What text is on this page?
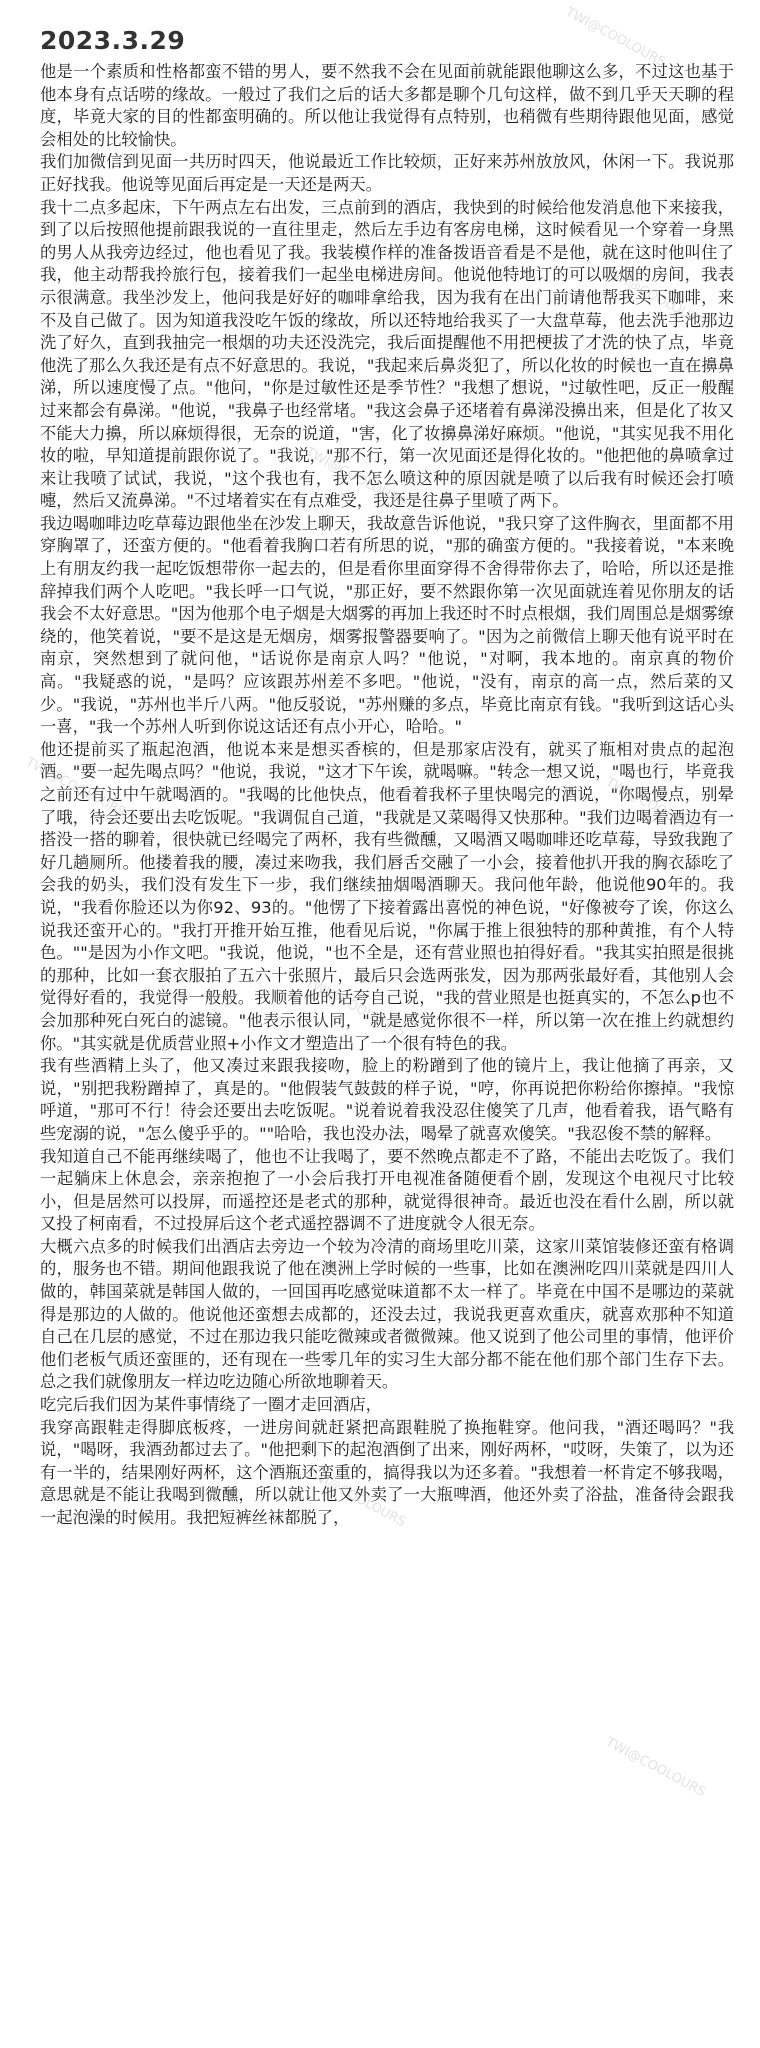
2023.3.29

他是一个素质和性格都蛮不错的男人，要不然我不会在见面前就能跟他聊这么多，不过这也基于他本身有点话唠的缘故。一般过了我们之后的话大多都是聊个几句这样，做不到几乎天天聊的程度，毕竟大家的目的性都蛮明确的。所以他让我觉得有点特别，也稍微有些期待跟他见面，感觉会相处的比较愉快。

我们加微信到见面一共历时四天，他说最近工作比较烦，正好来苏州放放风，休闲一下。我说那正好找我。他说等见面后再定是一天还是两天。

我十二点多起床，下午两点左右出发，三点前到的酒店，我快到的时候给他发消息他下来接我，到了以后按照他提前跟我说的一直往里走，然后左手边有客房电梯，这时候看见一个穿着一身黑的男人从我旁边经过，他也看见了我。我装模作样的准备拨语音看是不是他，就在这时他叫住了我，他主动帮我拎旅行包，接着我们一起坐电梯进房间。他说他特地订的可以吸烟的房间，我表示很满意。我坐沙发上，他问我是好好的咖啡拿给我，因为我有在出门前请他帮我买下咖啡，来不及自己做了。因为知道我没吃午饭的缘故，所以还特地给我买了一大盘草莓，他去洗手池那边洗了好久，直到我抽完一根烟的功夫还没洗完，我后面提醒他不用把梗拔了才洗的快了点，毕竟他洗了那么久我还是有点不好意思的。我说，"我起来后鼻炎犯了，所以化妆的时候也一直在擤鼻涕，所以速度慢了点。"他问，"你是过敏性还是季节性？"我想了想说，"过敏性吧，反正一般醒过来都会有鼻涕。"他说，"我鼻子也经常堵。"我这会鼻子还堵着有鼻涕没擤出来，但是化了妆又不能大力擤，所以麻烦得很，无奈的说道，"害，化了妆擤鼻涕好麻烦。"他说，"其实见我不用化妆的啦，早知道提前跟你说了。"我说，"那不行，第一次见面还是得化妆的。"他把他的鼻喷拿过来让我喷了试试，我说，"这个我也有，我不怎么喷这种的原因就是喷了以后我有时候还会打喷嚏，然后又流鼻涕。"不过堵着实在有点难受，我还是往鼻子里喷了两下。

我边喝咖啡边吃草莓边跟他坐在沙发上聊天，我故意告诉他说，"我只穿了这件胸衣，里面都不用穿胸罩了，还蛮方便的。"他看着我胸口若有所思的说，"那的确蛮方便的。"我接着说，"本来晚上有朋友约我一起吃饭想带你一起去的，但是看你里面穿得不舍得带你去了，哈哈，所以还是推辞掉我们两个人吃吧。"我长呼一口气说，"那正好，要不然跟你第一次见面就连着见你朋友的话我会不太好意思。"因为他那个电子烟是大烟雾的再加上我还时不时点根烟，我们周围总是烟雾缭绕的，他笑着说，"要不是这是无烟房，烟雾报警器要响了。"因为之前微信上聊天他有说平时在南京，突然想到了就问他，"话说你是南京人吗？"他说，"对啊，我本地的。南京真的物价高。"我疑惑的说，"是吗？应该跟苏州差不多吧。"他说，"没有，南京的高一点，然后菜的又少。"我说，"苏州也半斤八两。"他反驳说，"苏州赚的多点，毕竟比南京有钱。"我听到这话心头一喜，"我一个苏州人听到你说这话还有点小开心，哈哈。"

他还提前买了瓶起泡酒，他说本来是想买香槟的，但是那家店没有，就买了瓶相对贵点的起泡酒。"要一起先喝点吗？"他说，我说，"这才下午诶，就喝嘛。"转念一想又说，"喝也行，毕竟我之前还有过中午就喝酒的。"我喝的比他快点，他看着我杯子里快喝完的酒说，"你喝慢点，别晕了哦，待会还要出去吃饭呢。"我调侃自己道，"我就是又菜喝得又快那种。"我们边喝着酒边有一搭没一搭的聊着，很快就已经喝完了两杯，我有些微醺，又喝酒又喝咖啡还吃草莓，导致我跑了好几趟厕所。他搂着我的腰，凑过来吻我，我们唇舌交融了一小会，接着他扒开我的胸衣舔吃了会我的奶头，我们没有发生下一步，我们继续抽烟喝酒聊天。我问他年龄，他说他90年的。我说，"我看你脸还以为你92、93的。"他愣了下接着露出喜悦的神色说，"好像被夸了诶，你这么说我还蛮开心的。"我打开推开始互推，他看见后说，"你属于推上很独特的那种黄推，有个人特色。""是因为小作文吧。"我说，他说，"也不全是，还有营业照也拍得好看。"我其实拍照是很挑的那种，比如一套衣服拍了五六十张照片，最后只会选两张发，因为那两张最好看，其他别人会觉得好看的，我觉得一般般。我顺着他的话夸自己说，"我的营业照是也挺真实的，不怎么p也不会加那种死白死白的滤镜。"他表示很认同，"就是感觉你很不一样，所以第一次在推上约就想约你。"其实就是优质营业照+小作文才塑造出了一个很有特色的我。

我有些酒精上头了，他又凑过来跟我接吻，脸上的粉蹭到了他的镜片上，我让他摘了再亲，又说，"别把我粉蹭掉了，真是的。"他假装气鼓鼓的样子说，"哼，你再说把你粉给你擦掉。"我惊呼道，"那可不行！待会还要出去吃饭呢。"说着说着我没忍住傻笑了几声，他看着我，语气略有些宠溺的说，"怎么傻乎乎的。""哈哈，我也没办法，喝晕了就喜欢傻笑。"我忍俊不禁的解释。

我知道自己不能再继续喝了，他也不让我喝了，要不然晚点都走不了路，不能出去吃饭了。我们一起躺床上休息会，亲亲抱抱了一小会后我打开电视准备随便看个剧，发现这个电视尺寸比较小，但是居然可以投屏，而遥控还是老式的那种，就觉得很神奇。最近也没在看什么剧，所以就又投了柯南看，不过投屏后这个老式遥控器调不了进度就令人很无奈。

大概六点多的时候我们出酒店去旁边一个较为冷清的商场里吃川菜，这家川菜馆装修还蛮有格调的，服务也不错。期间他跟我说了他在澳洲上学时候的一些事，比如在澳洲吃四川菜就是四川人做的，韩国菜就是韩国人做的，一回国再吃感觉味道都不太一样了。毕竟在中国不是哪边的菜就得是那边的人做的。他说他还蛮想去成都的，还没去过，我说我更喜欢重庆，就喜欢那种不知道自己在几层的感觉，不过在那边我只能吃微辣或者微微辣。他又说到了他公司里的事情，他评价他们老板气质还蛮匪的，还有现在一些零几年的实习生大部分都不能在他们那个部门生存下去。总之我们就像朋友一样边吃边随心所欲地聊着天。

吃完后我们因为某件事情绕了一圈才走回酒店，

我穿高跟鞋走得脚底板疼，一进房间就赶紧把高跟鞋脱了换拖鞋穿。他问我，"酒还喝吗？"我说，"喝呀，我酒劲都过去了。"他把剩下的起泡酒倒了出来，刚好两杯，"哎呀，失策了，以为还有一半的，结果刚好两杯，这个酒瓶还蛮重的，搞得我以为还多着。"我想着一杯肯定不够我喝，意思就是不能让我喝到微醺，所以就让他又外卖了一大瓶啤酒，他还外卖了浴盐，准备待会跟我一起泡澡的时候用。我把短裤丝袜都脱了，

TWI@COOLOURS
TWI@COOLOURS
TWI@COOLOURS
TWI@COOLOURS	TWI@COOLOURS
TWI@COOLOURS
TWI@COOLOURS
TWI@COOLOURS
